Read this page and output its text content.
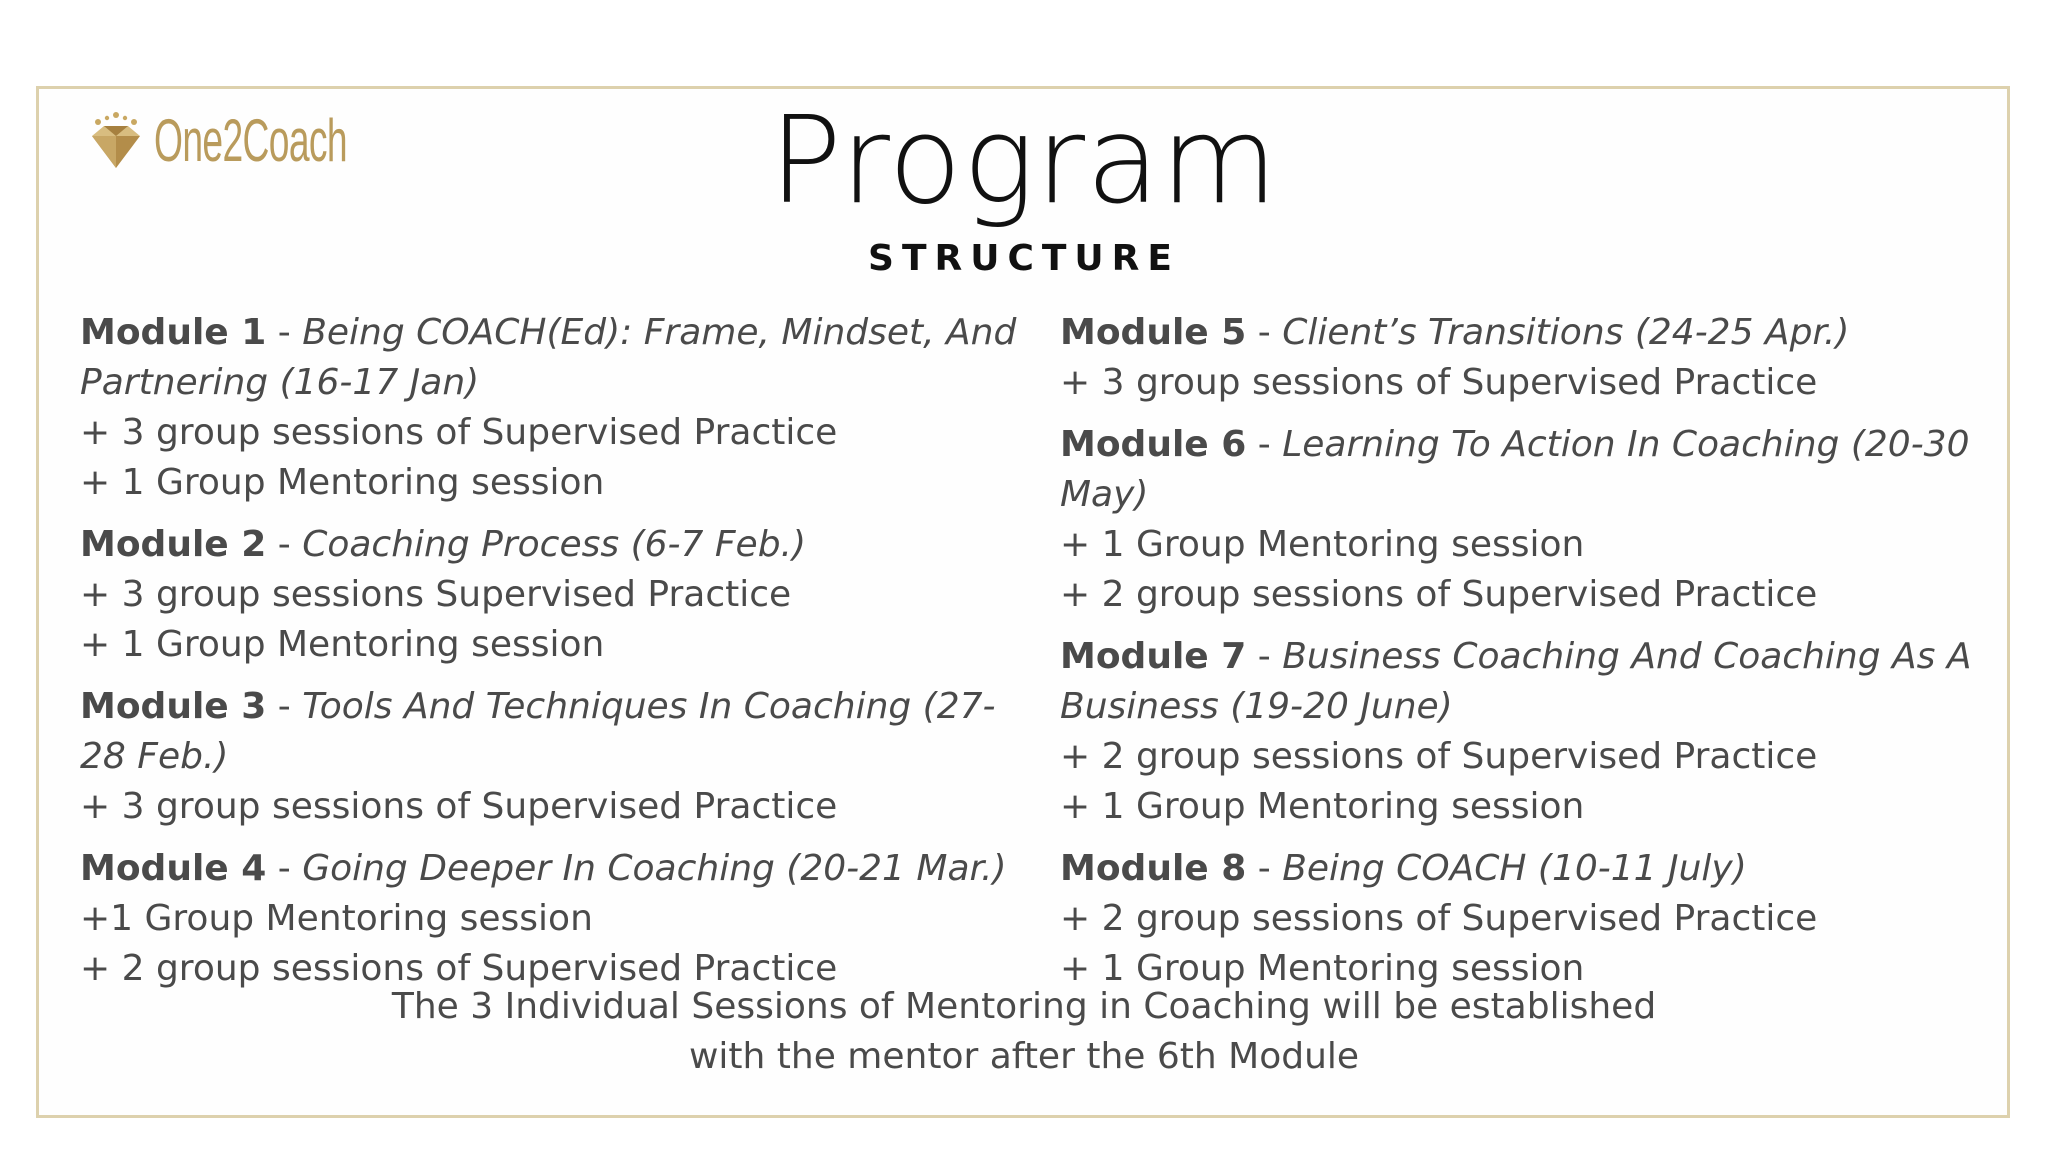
One2Coach	Program
STRUCTURE
Module 1 - Being COACH(Ed): Frame, Mindset, And Partnering (16-17 Jan)
+ 3 group sessions of Supervised Practice
+ 1 Group Mentoring session
Module 2 - Coaching Process (6-7 Feb.)
+ 3 group sessions Supervised Practice
+ 1 Group Mentoring session
Module 3 - Tools And Techniques In Coaching (27-28 Feb.)
+ 3 group sessions of Supervised Practice
Module 4 - Going Deeper In Coaching (20-21 Mar.)
+1 Group Mentoring session
+ 2 group sessions of Supervised Practice
Module 5 - Client’s Transitions (24-25 Apr.)
+ 3 group sessions of Supervised Practice
Module 6 - Learning To Action In Coaching (20-30 May)
+ 1 Group Mentoring session
+ 2 group sessions of Supervised Practice
Module 7 - Business Coaching And Coaching As A Business (19-20 June)
+ 2 group sessions of Supervised Practice
+ 1 Group Mentoring session
Module 8 - Being COACH (10-11 July)
+ 2 group sessions of Supervised Practice
+ 1 Group Mentoring session
The 3 Individual Sessions of Mentoring in Coaching will be established
with the mentor after the 6th Module
